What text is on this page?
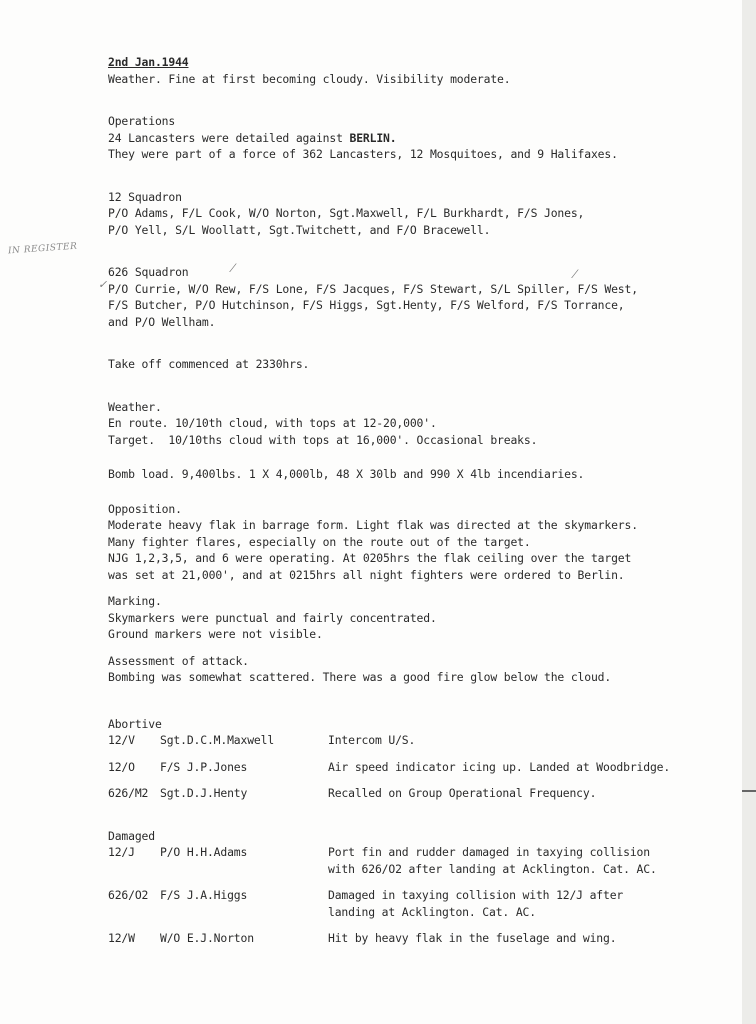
IN REGISTER
✓
⁄	⁄
2nd Jan.1944
Weather. Fine at first becoming cloudy. Visibility moderate.
Operations
24 Lancasters were detailed against BERLIN.
They were part of a force of 362 Lancasters, 12 Mosquitoes, and 9 Halifaxes.
12 Squadron
P/O Adams, F/L Cook, W/O Norton, Sgt.Maxwell, F/L Burkhardt, F/S Jones,
P/O Yell, S/L Woollatt, Sgt.Twitchett, and F/O Bracewell.
626 Squadron
P/O Currie, W/O Rew, F/S Lone, F/S Jacques, F/S Stewart, S/L Spiller, F/S West,
F/S Butcher, P/O Hutchinson, F/S Higgs, Sgt.Henty, F/S Welford, F/S Torrance,
and P/O Wellham.
Take off commenced at 2330hrs.
Weather.
En route. 10/10th cloud, with tops at 12-20,000'.
Target.  10/10ths cloud with tops at 16,000'. Occasional breaks.
Bomb load. 9,400lbs. 1 X 4,000lb, 48 X 30lb and 990 X 4lb incendiaries.
Opposition.
Moderate heavy flak in barrage form. Light flak was directed at the skymarkers.
Many fighter flares, especially on the route out of the target.
NJG 1,2,3,5, and 6 were operating. At 0205hrs the flak ceiling over the target
was set at 21,000', and at 0215hrs all night fighters were ordered to Berlin.
Marking.
Skymarkers were punctual and fairly concentrated.
Ground markers were not visible.
Assessment of attack.
Bombing was somewhat scattered. There was a good fire glow below the cloud.
Abortive
12/V	Sgt.D.C.M.Maxwell	Intercom U/S.
12/O	F/S J.P.Jones	Air speed indicator icing up. Landed at Woodbridge.
626/M2	Sgt.D.J.Henty	Recalled on Group Operational Frequency.
Damaged
12/J	P/O H.H.Adams	Port fin and rudder damaged in taxying collision
with 626/O2 after landing at Acklington. Cat. AC.
626/O2	F/S J.A.Higgs	Damaged in taxying collision with 12/J after
landing at Acklington. Cat. AC.
12/W	W/O E.J.Norton	Hit by heavy flak in the fuselage and wing.
